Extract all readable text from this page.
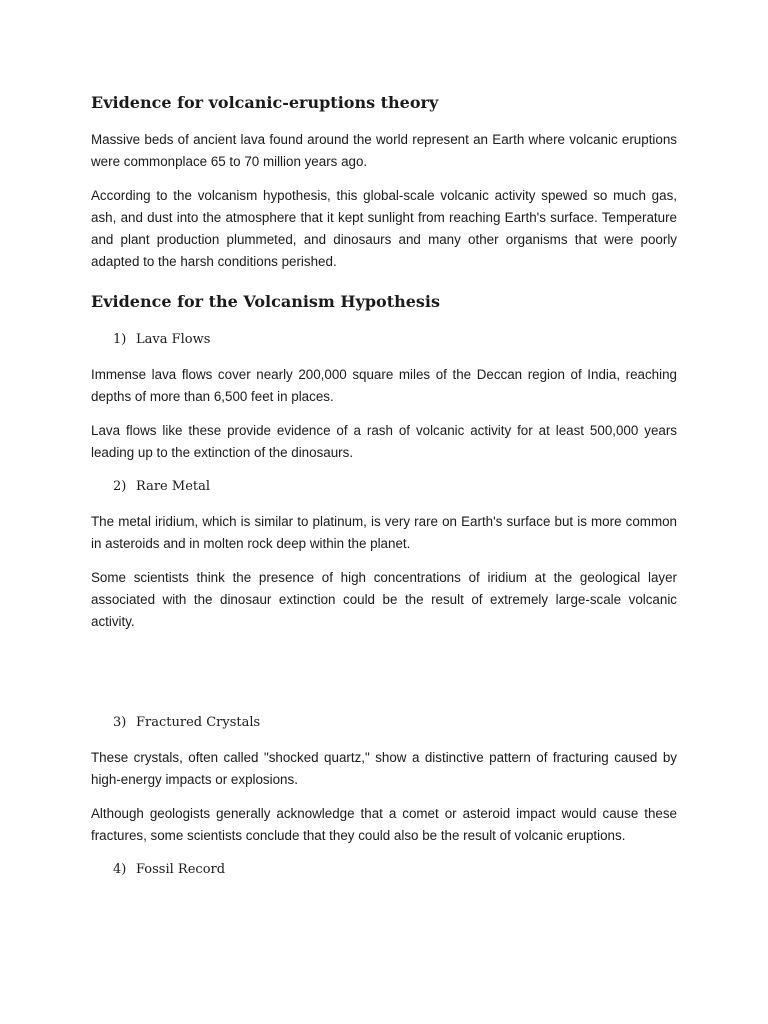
Evidence for volcanic-eruptions theory

Massive beds of ancient lava found around the world represent an Earth where volcanic eruptions were commonplace 65 to 70 million years ago.

According to the volcanism hypothesis, this global-scale volcanic activity spewed so much gas, ash, and dust into the atmosphere that it kept sunlight from reaching Earth's surface. Temperature and plant production plummeted, and dinosaurs and many other organisms that were poorly adapted to the harsh conditions perished.

Evidence for the Volcanism Hypothesis
1) Lava Flows

Immense lava flows cover nearly 200,000 square miles of the Deccan region of India, reaching depths of more than 6,500 feet in places.

Lava flows like these provide evidence of a rash of volcanic activity for at least 500,000 years leading up to the extinction of the dinosaurs.

2) Rare Metal

The metal iridium, which is similar to platinum, is very rare on Earth's surface but is more common in asteroids and in molten rock deep within the planet.

Some scientists think the presence of high concentrations of iridium at the geological layer associated with the dinosaur extinction could be the result of extremely large-scale volcanic activity.

3) Fractured Crystals

These crystals, often called "shocked quartz," show a distinctive pattern of fracturing caused by high-energy impacts or explosions.

Although geologists generally acknowledge that a comet or asteroid impact would cause these fractures, some scientists conclude that they could also be the result of volcanic eruptions.

4) Fossil Record
